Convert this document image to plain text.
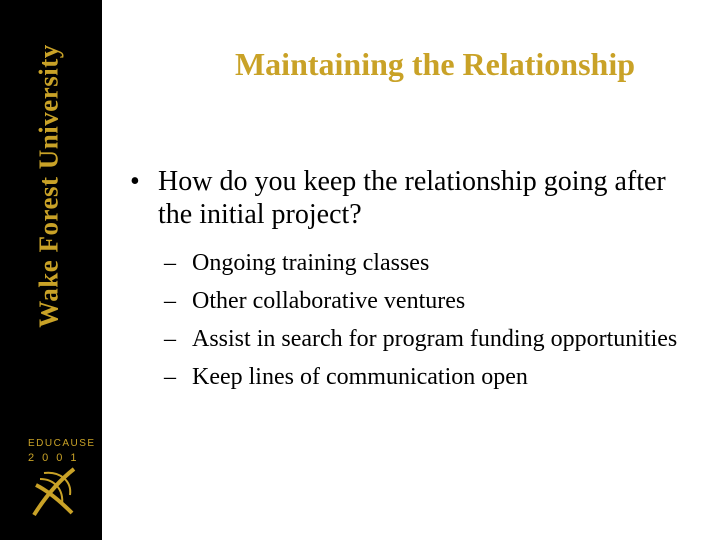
Wake Forest University
EDUCAUSE
2001
Maintaining the Relationship
• How do you keep the relationship going after the initial project?
– Ongoing training classes
– Other collaborative ventures
– Assist in search for program funding opportunities
– Keep lines of communication open
